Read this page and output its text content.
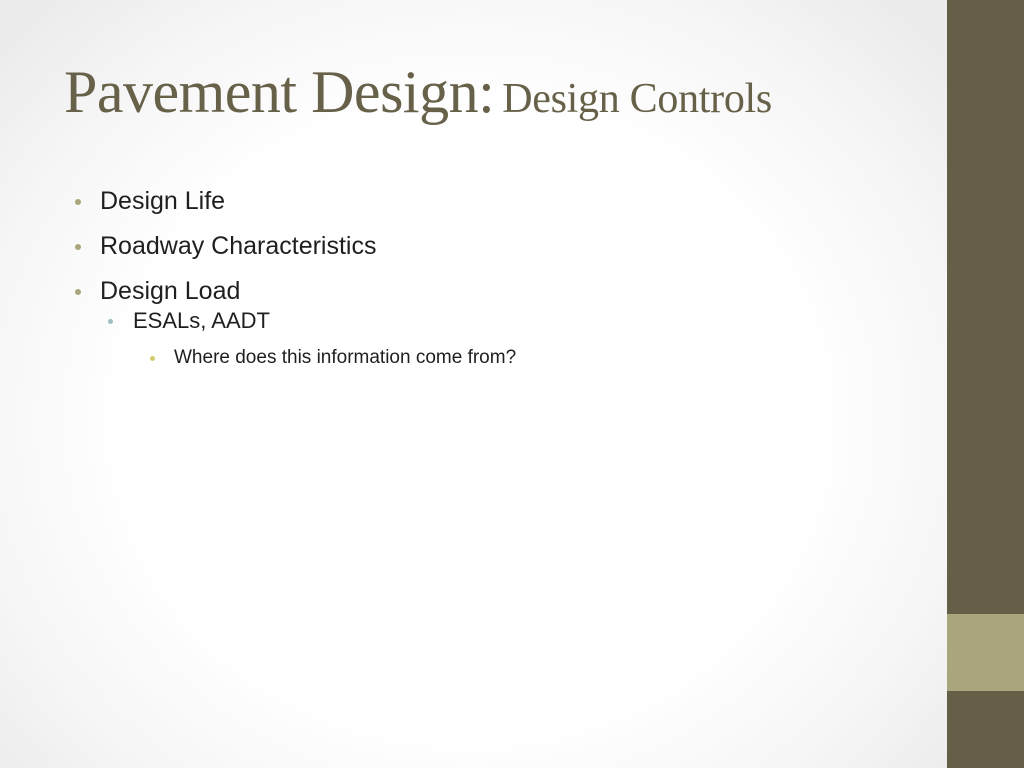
Pavement Design: Design Controls
Design Life
Roadway Characteristics
Design Load
ESALs, AADT
Where does this information come from?
